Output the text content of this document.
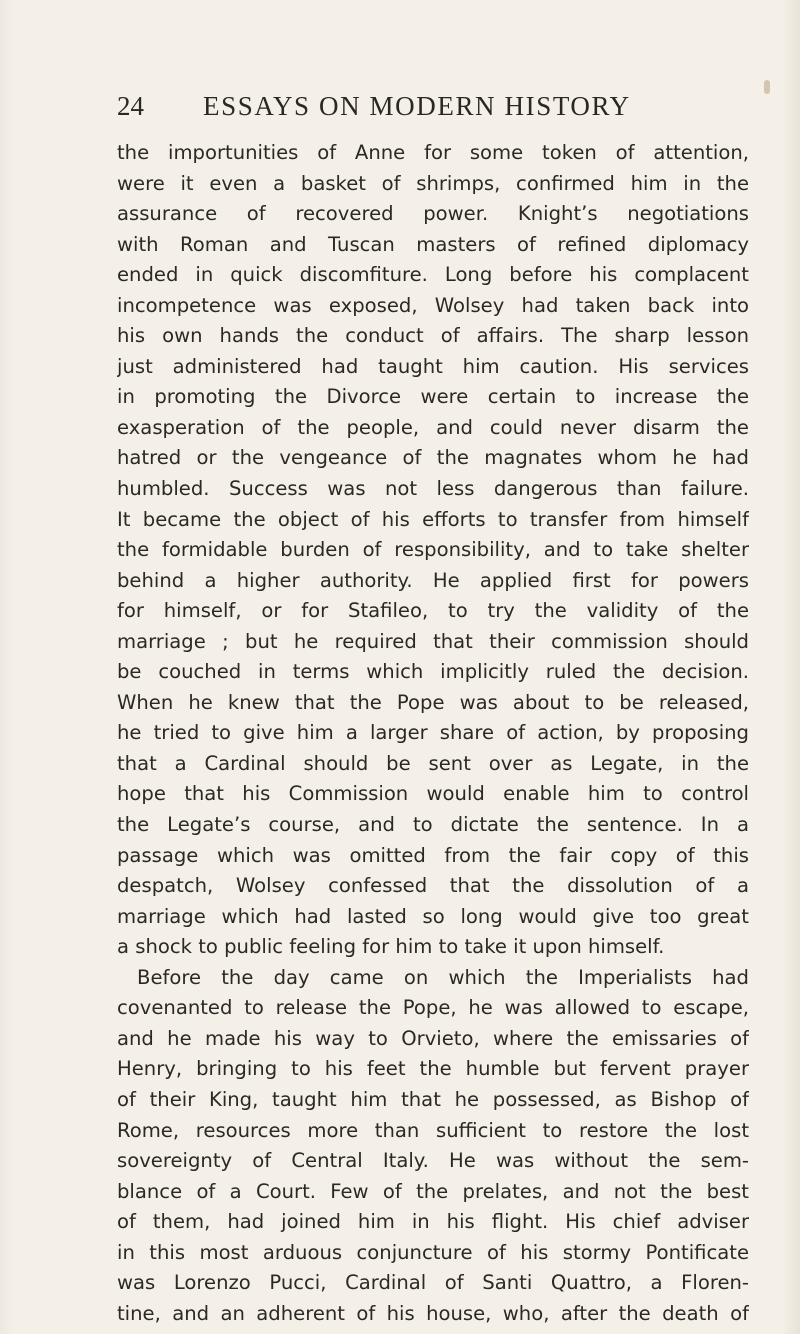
24 ESSAYS ON MODERN HISTORY
the importunities of Anne for some token of attention,
were it even a basket of shrimps, confirmed him in the
assurance of recovered power. Knight’s negotiations
with Roman and Tuscan masters of refined diplomacy
ended in quick discomfiture. Long before his complacent
incompetence was exposed, Wolsey had taken back into
his own hands the conduct of affairs. The sharp lesson
just administered had taught him caution. His services
in promoting the Divorce were certain to increase the
exasperation of the people, and could never disarm the
hatred or the vengeance of the magnates whom he had
humbled. Success was not less dangerous than failure.
It became the object of his efforts to transfer from himself
the formidable burden of responsibility, and to take shelter
behind a higher authority. He applied first for powers
for himself, or for Stafileo, to try the validity of the
marriage ; but he required that their commission should
be couched in terms which implicitly ruled the decision.
When he knew that the Pope was about to be released,
he tried to give him a larger share of action, by proposing
that a Cardinal should be sent over as Legate, in the
hope that his Commission would enable him to control
the Legate’s course, and to dictate the sentence. In a
passage which was omitted from the fair copy of this
despatch, Wolsey confessed that the dissolution of a
marriage which had lasted so long would give too great
a shock to public feeling for him to take it upon himself.
Before the day came on which the Imperialists had
covenanted to release the Pope, he was allowed to escape,
and he made his way to Orvieto, where the emissaries of
Henry, bringing to his feet the humble but fervent prayer
of their King, taught him that he possessed, as Bishop of
Rome, resources more than sufficient to restore the lost
sovereignty of Central Italy. He was without the sem-
blance of a Court. Few of the prelates, and not the best
of them, had joined him in his flight. His chief adviser
in this most arduous conjuncture of his stormy Pontificate
was Lorenzo Pucci, Cardinal of Santi Quattro, a Floren-
tine, and an adherent of his house, who, after the death of
